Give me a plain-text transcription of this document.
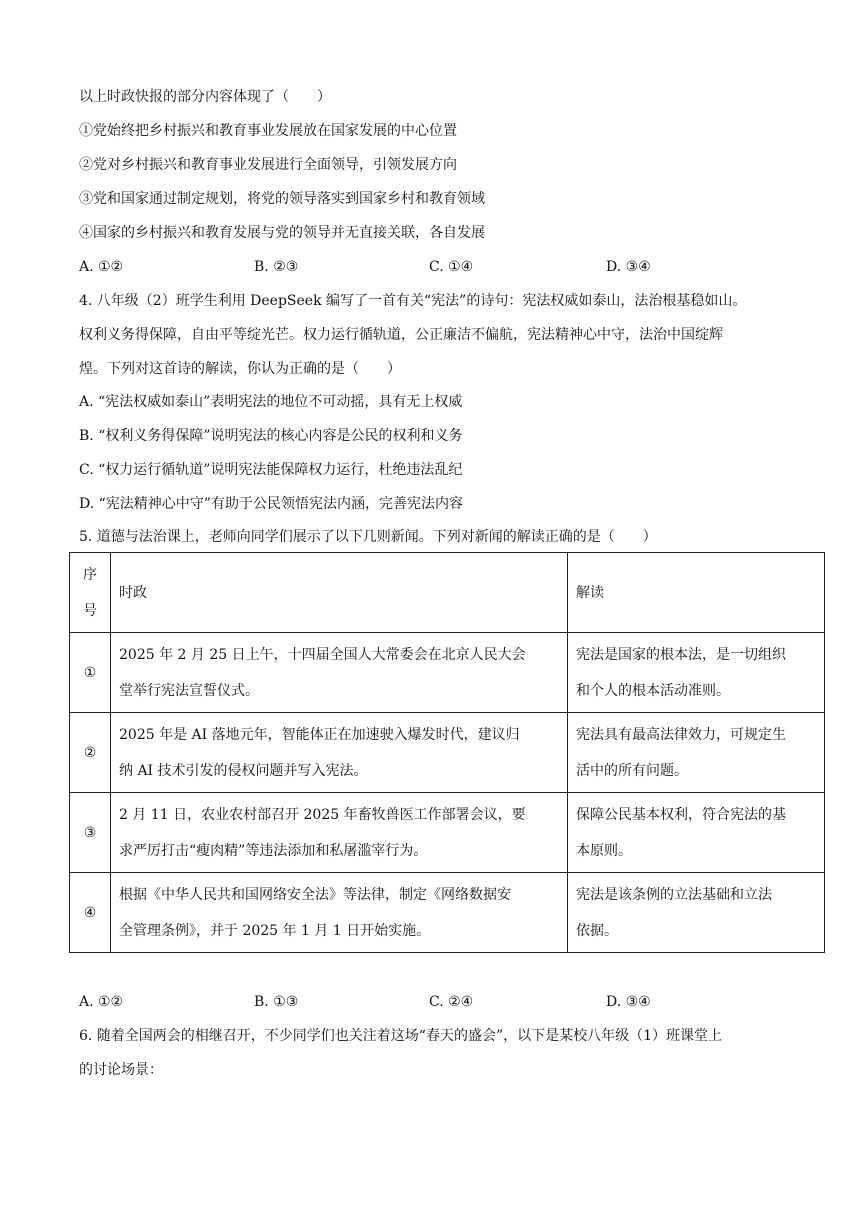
以上时政快报的部分内容体现了（　　）
①党始终把乡村振兴和教育事业发展放在国家发展的中心位置
②党对乡村振兴和教育事业发展进行全面领导，引领发展方向
③党和国家通过制定规划，将党的领导落实到国家乡村和教育领域
④国家的乡村振兴和教育发展与党的领导并无直接关联，各自发展
A. ①②	B. ②③	C. ①④	D. ③④
4. 八年级（2）班学生利用 DeepSeek 编写了一首有关“宪法”的诗句：宪法权威如泰山，法治根基稳如山。
权利义务得保障，自由平等绽光芒。权力运行循轨道，公正廉洁不偏航，宪法精神心中守，法治中国绽辉
煌。下列对这首诗的解读，你认为正确的是（　　）
A. “宪法权威如泰山”表明宪法的地位不可动摇，具有无上权威
B. “权利义务得保障”说明宪法的核心内容是公民的权利和义务
C. “权力运行循轨道”说明宪法能保障权力运行，杜绝违法乱纪
D. “宪法精神心中守”有助于公民领悟宪法内涵，完善宪法内容
5. 道德与法治课上，老师向同学们展示了以下几则新闻。下列对新闻的解读正确的是（　　）
序
号	时政	解读
①	2025 年 2 月 25 日上午，十四届全国人大常委会在北京人民大会
堂举行宪法宣誓仪式。	宪法是国家的根本法，是一切组织
和个人的根本活动准则。
②	2025 年是 AI 落地元年，智能体正在加速驶入爆发时代，建议归
纳 AI 技术引发的侵权问题并写入宪法。	宪法具有最高法律效力，可规定生
活中的所有问题。
③	2 月 11 日，农业农村部召开 2025 年畜牧兽医工作部署会议，要
求严厉打击“瘦肉精”等违法添加和私屠滥宰行为。	保障公民基本权利，符合宪法的基
本原则。
④	根据《中华人民共和国网络安全法》等法律，制定《网络数据安
全管理条例》，并于 2025 年 1 月 1 日开始实施。	宪法是该条例的立法基础和立法
依据。
A. ①②	B. ①③	C. ②④	D. ③④
6. 随着全国两会的相继召开，不少同学们也关注着这场“春天的盛会”，以下是某校八年级（1）班课堂上
的讨论场景：
